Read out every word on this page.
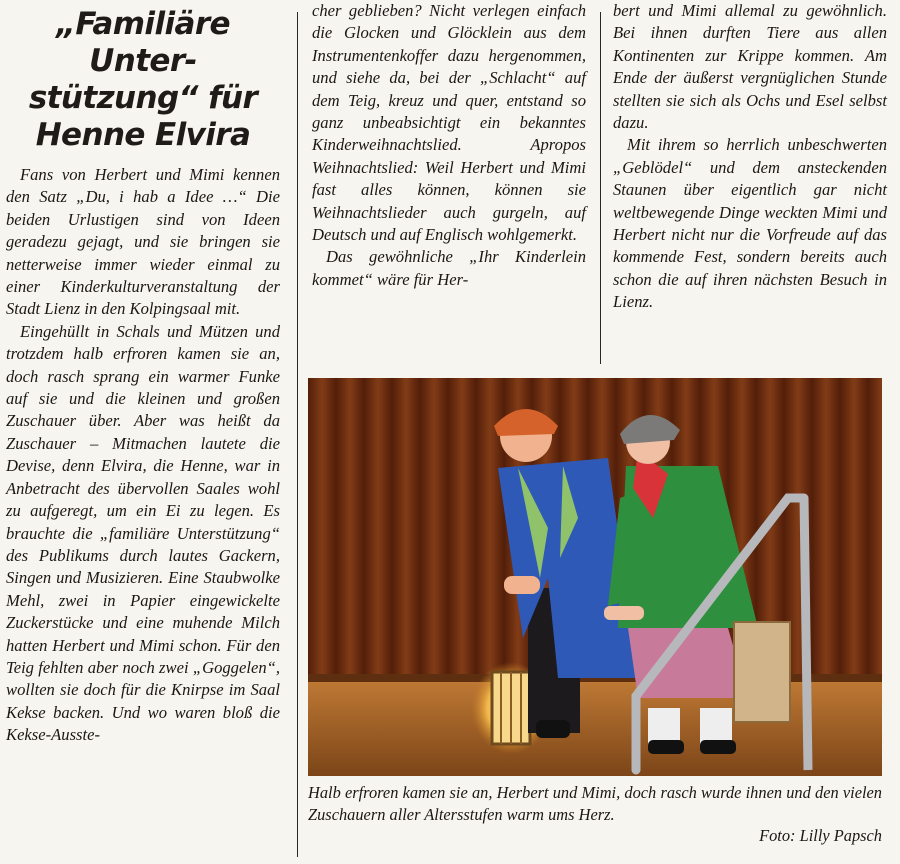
„Familiäre Unter-
stützung“ für
Henne Elvira

Fans von Herbert und Mimi kennen den Satz „Du, i hab a Idee …“ Die beiden Urlustigen sind von Ideen geradezu gejagt, und sie bringen sie netterweise immer wieder einmal zu einer Kinderkulturveranstaltung der Stadt Lienz in den Kolpingsaal mit.

Eingehüllt in Schals und Mützen und trotzdem halb erfroren kamen sie an, doch rasch sprang ein warmer Funke auf sie und die kleinen und großen Zuschauer über. Aber was heißt da Zuschauer – Mitmachen lautete die Devise, denn Elvira, die Henne, war in Anbetracht des übervollen Saales wohl zu aufgeregt, um ein Ei zu legen. Es brauchte die „familiäre Unterstützung“ des Publikums durch lautes Gackern, Singen und Musizieren. Eine Staubwolke Mehl, zwei in Papier eingewickelte Zuckerstücke und eine muhende Milch hatten Herbert und Mimi schon. Für den Teig fehlten aber noch zwei „Goggelen“, wollten sie doch für die Knirpse im Saal Kekse backen. Und wo waren bloß die Kekse-Ausste-

cher geblieben? Nicht verlegen einfach die Glocken und Glöcklein aus dem Instrumentenkoffer dazu hergenommen, und siehe da, bei der „Schlacht“ auf dem Teig, kreuz und quer, entstand so ganz unbeabsichtigt ein bekanntes Kinderweihnachtslied. Apropos Weihnachtslied: Weil Herbert und Mimi fast alles können, können sie Weihnachtslieder auch gurgeln, auf Deutsch und auf Englisch wohlgemerkt.

Das gewöhnliche „Ihr Kinderlein kommet“ wäre für Her-

bert und Mimi allemal zu gewöhnlich. Bei ihnen durften Tiere aus allen Kontinenten zur Krippe kommen. Am Ende der äußerst vergnüglichen Stunde stellten sie sich als Ochs und Esel selbst dazu.

Mit ihrem so herrlich unbeschwerten „Geblödel“ und dem ansteckenden Staunen über eigentlich gar nicht weltbewegende Dinge weckten Mimi und Herbert nicht nur die Vorfreude auf das kommende Fest, sondern bereits auch schon die auf ihren nächsten Besuch in Lienz.

Halb erfroren kamen sie an, Herbert und Mimi, doch rasch wurde ihnen und den vielen Zuschauern aller Altersstufen warm ums Herz.
Foto: Lilly Papsch
